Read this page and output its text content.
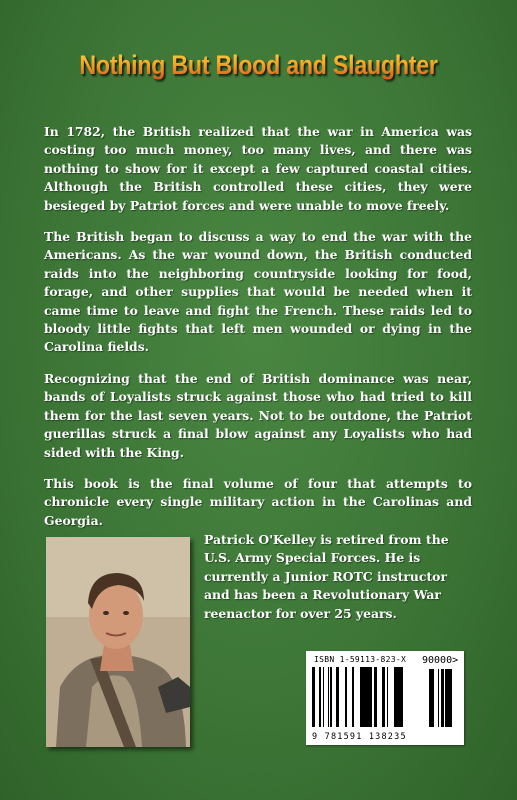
Nothing But Blood and Slaughter

In 1782, the British realized that the war in America was costing too much money, too many lives, and there was nothing to show for it except a few captured coastal cities. Although the British controlled these cities, they were besieged by Patriot forces and were unable to move freely.

The British began to discuss a way to end the war with the Americans. As the war wound down, the British conducted raids into the neighboring countryside looking for food, forage, and other supplies that would be needed when it came time to leave and fight the French. These raids led to bloody little fights that left men wounded or dying in the Carolina fields.

Recognizing that the end of British dominance was near, bands of Loyalists struck against those who had tried to kill them for the last seven years. Not to be outdone, the Patriot guerillas struck a final blow against any Loyalists who had sided with the King.

This book is the final volume of four that attempts to chronicle every single military action in the Carolinas and Georgia.

Patrick O'Kelley is retired from the U.S. Army Special Forces. He is currently a Junior ROTC instructor and has been a Revolutionary War reenactor for over 25 years.
ISBN 1-59113-823-X 90000>
9 781591 138235
